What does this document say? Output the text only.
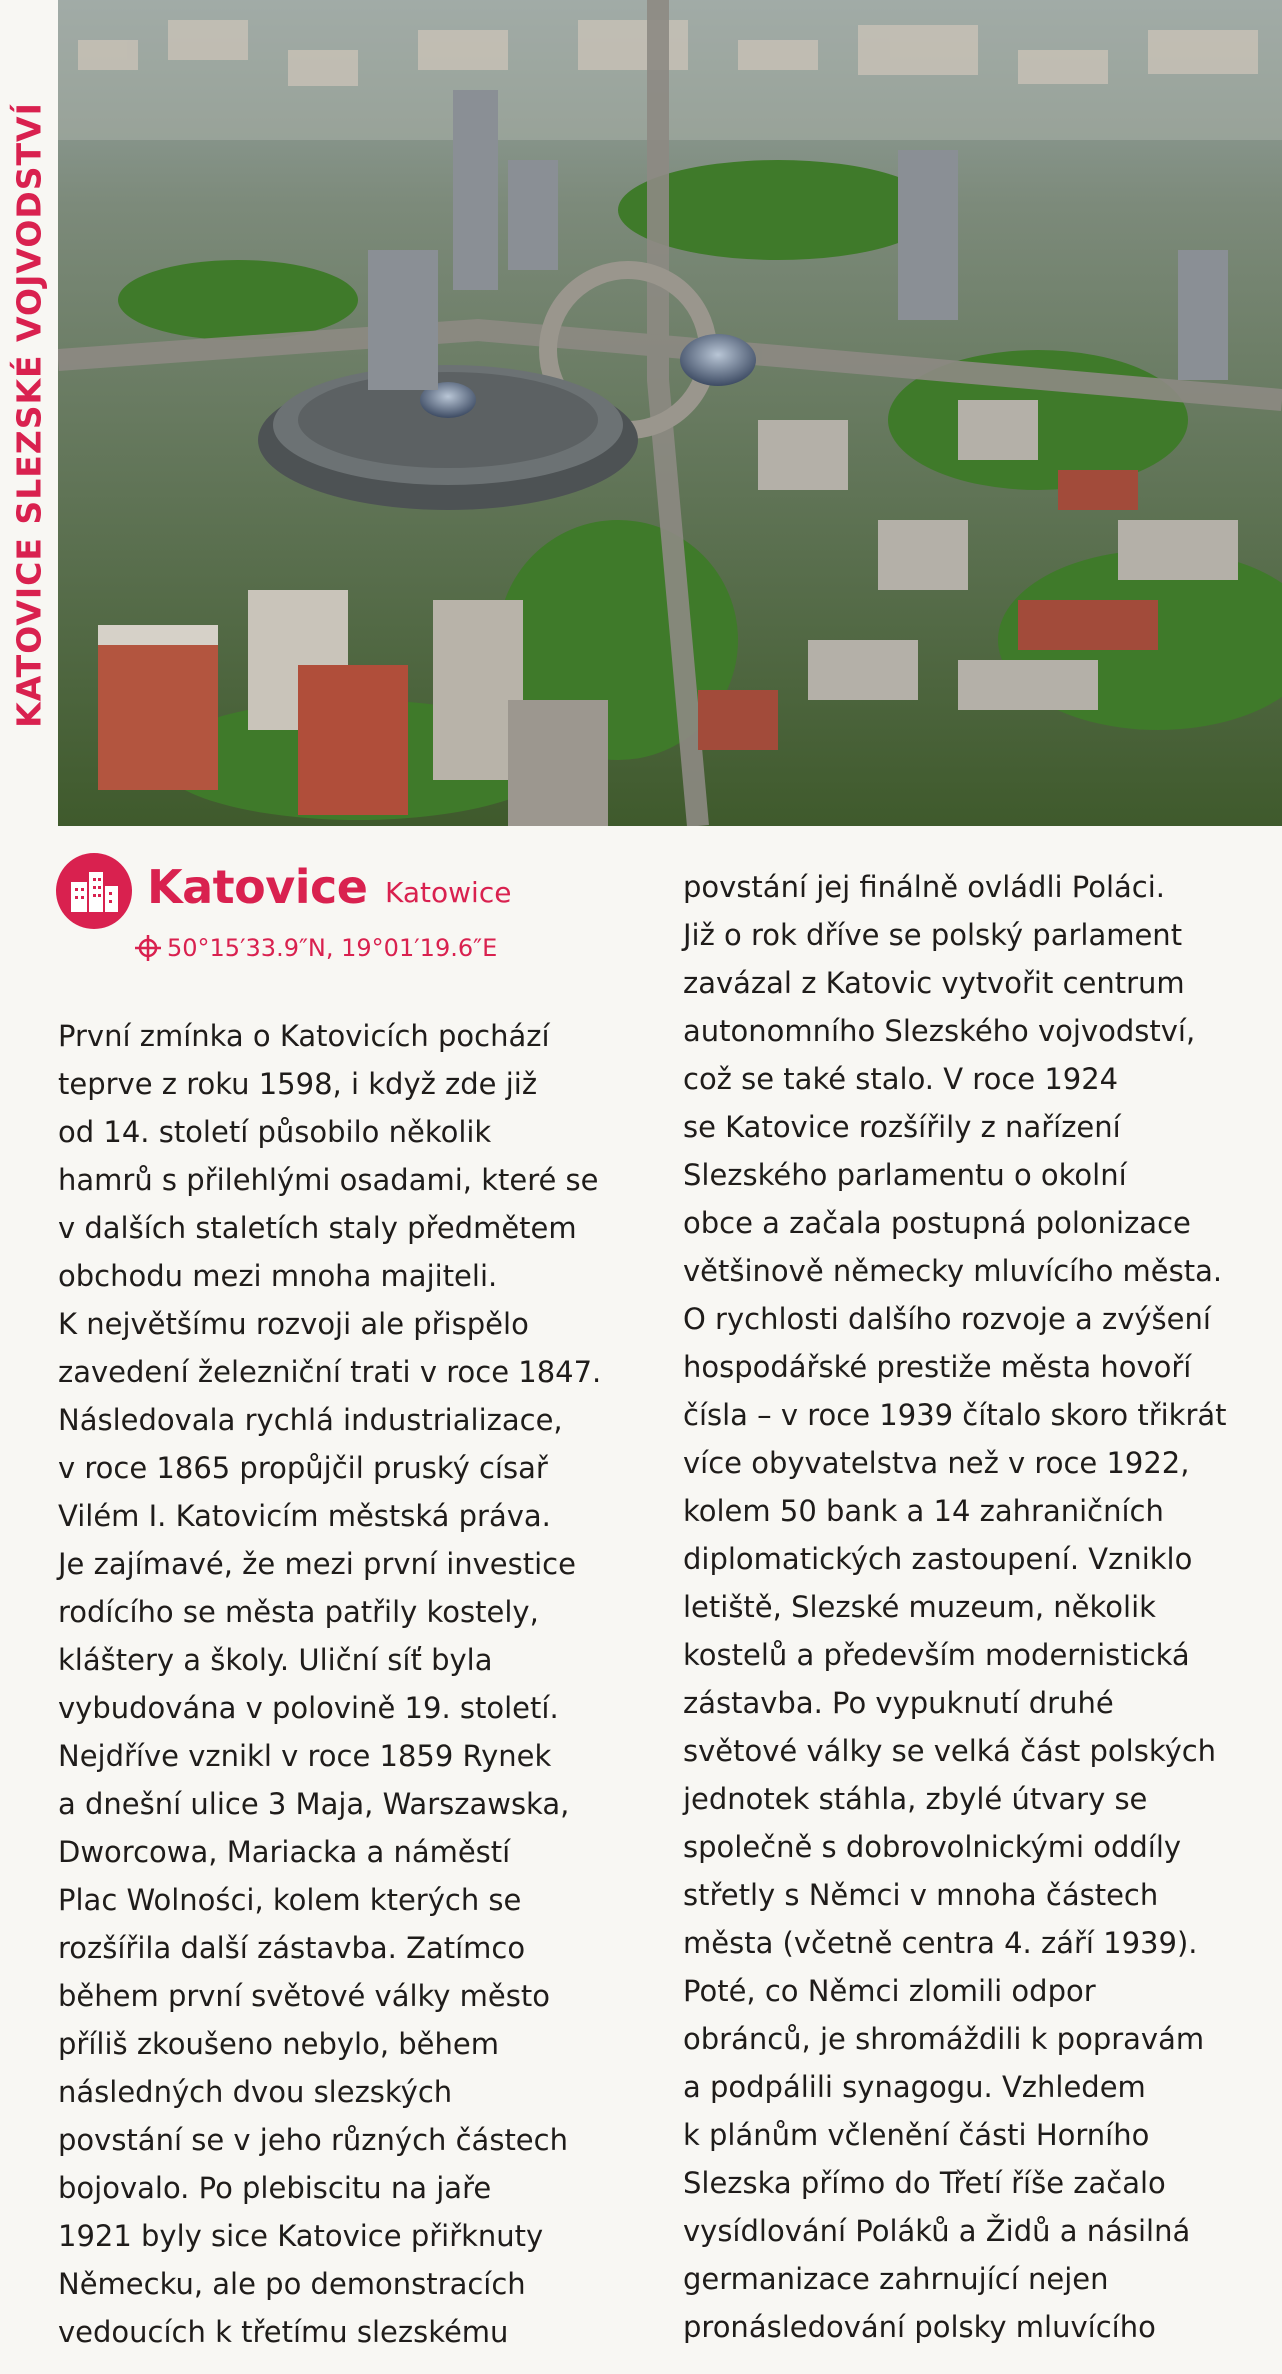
KATOVICE SLEZSKÉ VOJVODSTVÍ
Katovice Katowice
50°15′33.9″N, 19°01′19.6″E
První zmínka o Katovicích pochází
teprve z roku 1598, i když zde již
od 14. století působilo několik
hamrů s přilehlými osadami, které se
v dalších staletích staly předmětem
obchodu mezi mnoha majiteli.
K největšímu rozvoji ale přispělo
zavedení železniční trati v roce 1847.
Následovala rychlá industrializace,
v roce 1865 propůjčil pruský císař
Vilém I. Katovicím městská práva.
Je zajímavé, že mezi první investice
rodícího se města patřily kostely,
kláštery a školy. Uliční síť byla
vybudována v polovině 19. století.
Nejdříve vznikl v roce 1859 Rynek
a dnešní ulice 3 Maja, Warszawska,
Dworcowa, Mariacka a náměstí
Plac Wolności, kolem kterých se
rozšířila další zástavba. Zatímco
během první světové války město
příliš zkoušeno nebylo, během
následných dvou slezských
povstání se v jeho různých částech
bojovalo. Po plebiscitu na jaře
1921 byly sice Katovice přiřknuty
Německu, ale po demonstracích
vedoucích k třetímu slezskému
povstání jej finálně ovládli Poláci.
Již o rok dříve se polský parlament
zavázal z Katovic vytvořit centrum
autonomního Slezského vojvodství,
což se také stalo. V roce 1924
se Katovice rozšířily z nařízení
Slezského parlamentu o okolní
obce a začala postupná polonizace
většinově německy mluvícího města.
O rychlosti dalšího rozvoje a zvýšení
hospodářské prestiže města hovoří
čísla – v roce 1939 čítalo skoro třikrát
více obyvatelstva než v roce 1922,
kolem 50 bank a 14 zahraničních
diplomatických zastoupení. Vzniklo
letiště, Slezské muzeum, několik
kostelů a především modernistická
zástavba. Po vypuknutí druhé
světové války se velká část polských
jednotek stáhla, zbylé útvary se
společně s dobrovolnickými oddíly
střetly s Němci v mnoha částech
města (včetně centra 4. září 1939).
Poté, co Němci zlomili odpor
obránců, je shromáždili k popravám
a podpálili synagogu. Vzhledem
k plánům včlenění části Horního
Slezska přímo do Třetí říše začalo
vysídlování Poláků a Židů a násilná
germanizace zahrnující nejen
pronásledování polsky mluvícího
